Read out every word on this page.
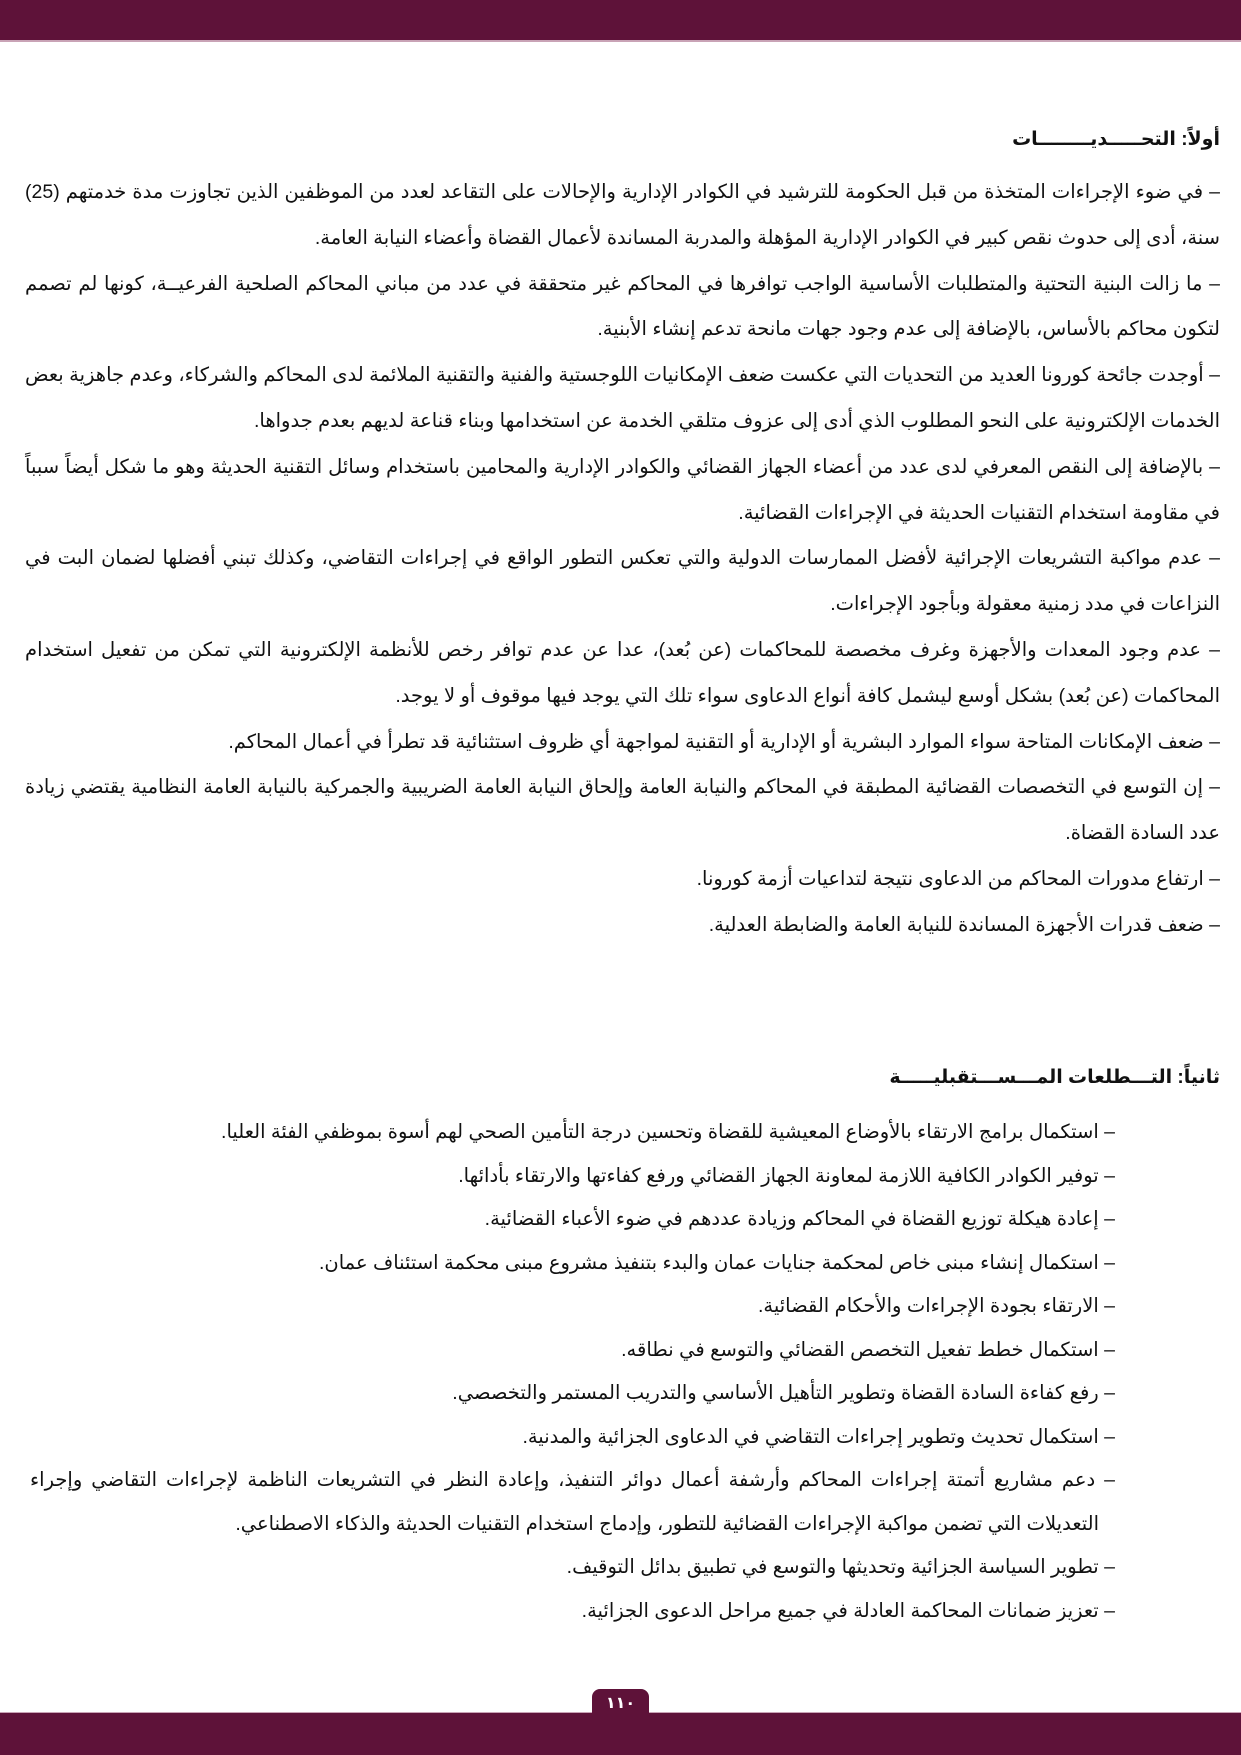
أولاً: التحـــــديــــــــات

– في ضوء الإجراءات المتخذة من قبل الحكومة للترشيد في الكوادر الإدارية والإحالات على التقاعد لعدد من الموظفين الذين تجاوزت مدة خدمتهم (25) سنة، أدى إلى حدوث نقص كبير في الكوادر الإدارية المؤهلة والمدربة المساندة لأعمال القضاة وأعضاء النيابة العامة.

– ما زالت البنية التحتية والمتطلبات الأساسية الواجب توافرها في المحاكم غير متحققة في عدد من مباني المحاكم الصلحية الفرعيــة، كونها لم تصمم لتكون محاكم بالأساس، بالإضافة إلى عدم وجود جهات مانحة تدعم إنشاء الأبنية.

– أوجدت جائحة كورونا العديد من التحديات التي عكست ضعف الإمكانيات اللوجستية والفنية والتقنية الملائمة لدى المحاكم والشركاء، وعدم جاهزية بعض الخدمات الإلكترونية على النحو المطلوب الذي أدى إلى عزوف متلقي الخدمة عن استخدامها وبناء قناعة لديهم بعدم جدواها.

– بالإضافة إلى النقص المعرفي لدى عدد من أعضاء الجهاز القضائي والكوادر الإدارية والمحامين باستخدام وسائل التقنية الحديثة وهو ما شكل أيضاً سبباً في مقاومة استخدام التقنيات الحديثة في الإجراءات القضائية.

– عدم مواكبة التشريعات الإجرائية لأفضل الممارسات الدولية والتي تعكس التطور الواقع في إجراءات التقاضي، وكذلك تبني أفضلها لضمان البت في النزاعات في مدد زمنية معقولة وبأجود الإجراءات.

– عدم وجود المعدات والأجهزة وغرف مخصصة للمحاكمات (عن بُعد)، عدا عن عدم توافر رخص للأنظمة الإلكترونية التي تمكن من تفعيل استخدام المحاكمات (عن بُعد) بشكل أوسع ليشمل كافة أنواع الدعاوى سواء تلك التي يوجد فيها موقوف أو لا يوجد.

– ضعف الإمكانات المتاحة سواء الموارد البشرية أو الإدارية أو التقنية لمواجهة أي ظروف استثنائية قد تطرأ في أعمال المحاكم.

– إن التوسع في التخصصات القضائية المطبقة في المحاكم والنيابة العامة وإلحاق النيابة العامة الضريبية والجمركية بالنيابة العامة النظامية يقتضي زيادة عدد السادة القضاة.

– ارتفاع مدورات المحاكم من الدعاوى نتيجة لتداعيات أزمة كورونا.

– ضعف قدرات الأجهزة المساندة للنيابة العامة والضابطة العدلية.

ثانياً: التـــطلعات المـــســـتقبليـــــة

– استكمال برامج الارتقاء بالأوضاع المعيشية للقضاة وتحسين درجة التأمين الصحي لهم أسوة بموظفي الفئة العليا.

– توفير الكوادر الكافية اللازمة لمعاونة الجهاز القضائي ورفع كفاءتها والارتقاء بأدائها.

– إعادة هيكلة توزيع القضاة في المحاكم وزيادة عددهم في ضوء الأعباء القضائية.

– استكمال إنشاء مبنى خاص لمحكمة جنايات عمان والبدء بتنفيذ مشروع مبنى محكمة استئناف عمان.

– الارتقاء بجودة الإجراءات والأحكام القضائية.

– استكمال خطط تفعيل التخصص القضائي والتوسع في نطاقه.

– رفع كفاءة السادة القضاة وتطوير التأهيل الأساسي والتدريب المستمر والتخصصي.

– استكمال تحديث وتطوير إجراءات التقاضي في الدعاوى الجزائية والمدنية.

– دعم مشاريع أتمتة إجراءات المحاكم وأرشفة أعمال دوائر التنفيذ، وإعادة النظر في التشريعات الناظمة لإجراءات التقاضي وإجراء
التعديلات التي تضمن مواكبة الإجراءات القضائية للتطور، وإدماج استخدام التقنيات الحديثة والذكاء الاصطناعي.

– تطوير السياسة الجزائية وتحديثها والتوسع في تطبيق بدائل التوقيف.

– تعزيز ضمانات المحاكمة العادلة في جميع مراحل الدعوى الجزائية.

١١٠
